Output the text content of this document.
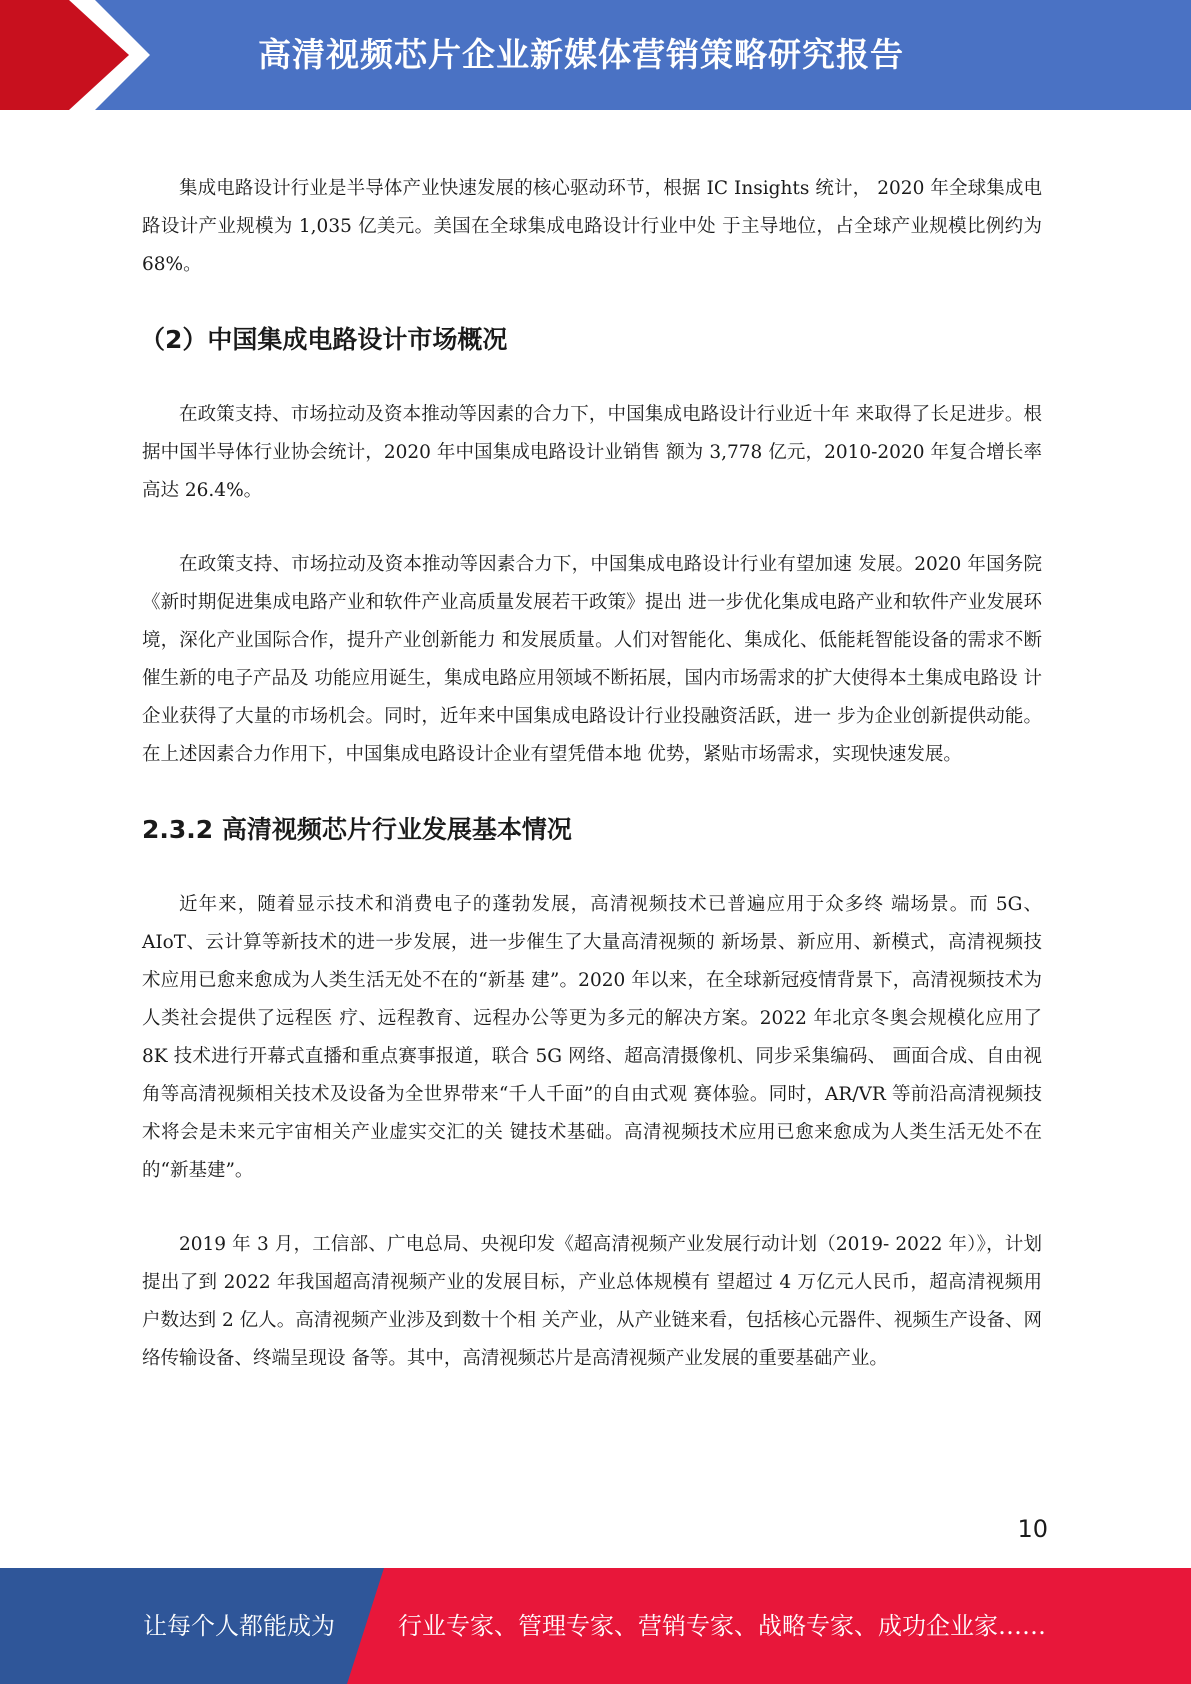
高清视频芯片企业新媒体营销策略研究报告

集成电路设计行业是半导体产业快速发展的核心驱动环节，根据 IC Insights 统计， 2020 年全球集成电路设计产业规模为 1,035 亿美元。美国在全球集成电路设计行业中处 于主导地位，占全球产业规模比例约为 68%。

（2）中国集成电路设计市场概况

在政策支持、市场拉动及资本推动等因素的合力下，中国集成电路设计行业近十年 来取得了长足进步。根据中国半导体行业协会统计，2020 年中国集成电路设计业销售 额为 3,778 亿元，2010-2020 年复合增长率高达 26.4%。

在政策支持、市场拉动及资本推动等因素合力下，中国集成电路设计行业有望加速 发展。2020 年国务院《新时期促进集成电路产业和软件产业高质量发展若干政策》提出 进一步优化集成电路产业和软件产业发展环境，深化产业国际合作，提升产业创新能力 和发展质量。人们对智能化、集成化、低能耗智能设备的需求不断催生新的电子产品及 功能应用诞生，集成电路应用领域不断拓展，国内市场需求的扩大使得本土集成电路设 计企业获得了大量的市场机会。同时，近年来中国集成电路设计行业投融资活跃，进一 步为企业创新提供动能。在上述因素合力作用下，中国集成电路设计企业有望凭借本地 优势，紧贴市场需求，实现快速发展。

2.3.2 高清视频芯片行业发展基本情况

近年来，随着显示技术和消费电子的蓬勃发展，高清视频技术已普遍应用于众多终 端场景。而 5G、AIoT、云计算等新技术的进一步发展，进一步催生了大量高清视频的 新场景、新应用、新模式，高清视频技术应用已愈来愈成为人类生活无处不在的“新基 建”。2020 年以来，在全球新冠疫情背景下，高清视频技术为人类社会提供了远程医 疗、远程教育、远程办公等更为多元的解决方案。2022 年北京冬奥会规模化应用了 8K 技术进行开幕式直播和重点赛事报道，联合 5G 网络、超高清摄像机、同步采集编码、 画面合成、自由视角等高清视频相关技术及设备为全世界带来“千人千面”的自由式观 赛体验。同时，AR/VR 等前沿高清视频技术将会是未来元宇宙相关产业虚实交汇的关 键技术基础。高清视频技术应用已愈来愈成为人类生活无处不在的“新基建”。

2019 年 3 月，工信部、广电总局、央视印发《超高清视频产业发展行动计划（2019- 2022 年）》，计划提出了到 2022 年我国超高清视频产业的发展目标，产业总体规模有 望超过 4 万亿元人民币，超高清视频用户数达到 2 亿人。高清视频产业涉及到数十个相 关产业，从产业链来看，包括核心元器件、视频生产设备、网络传输设备、终端呈现设 备等。其中，高清视频芯片是高清视频产业发展的重要基础产业。

10
让每个人都能成为	行业专家、管理专家、营销专家、战略专家、成功企业家……
